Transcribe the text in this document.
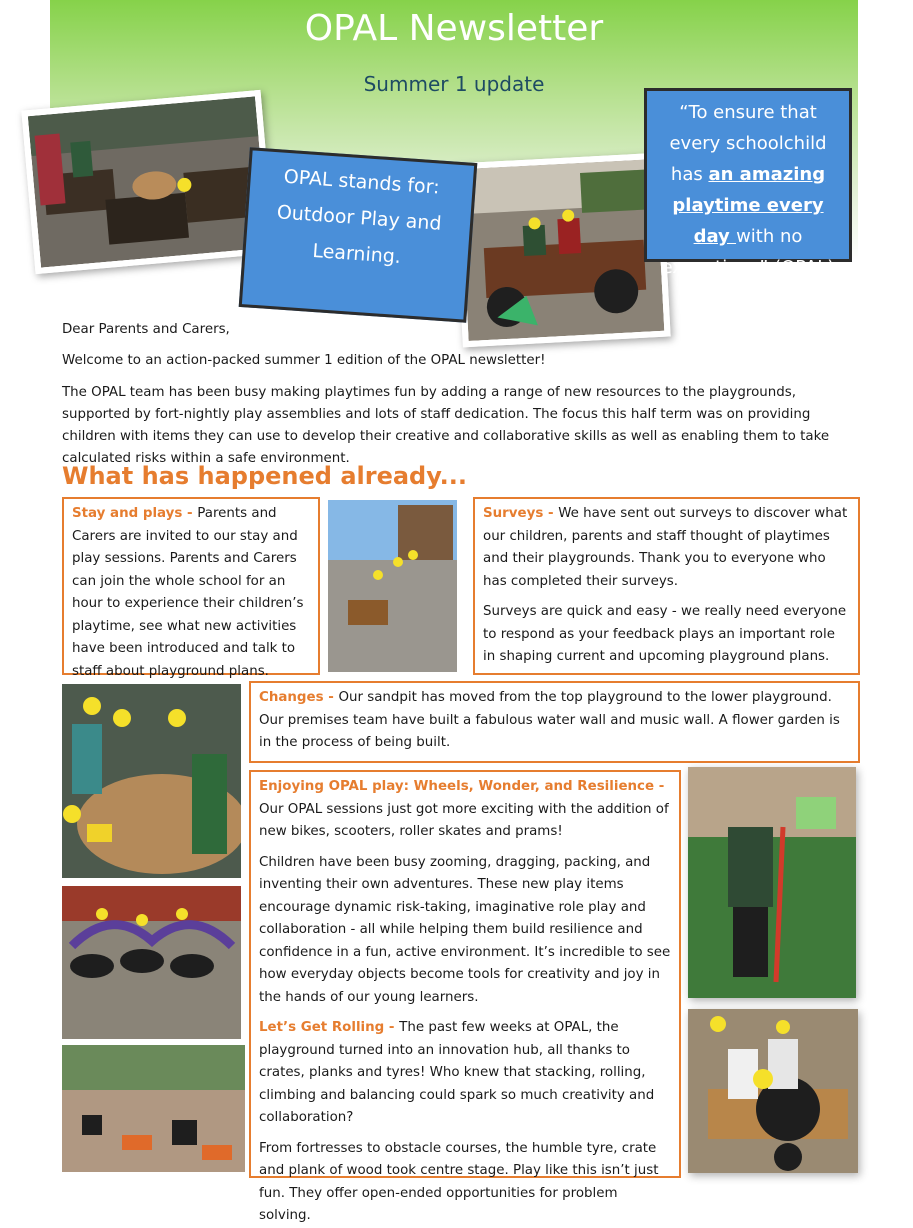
OPAL Newsletter
Summer 1 update
OPAL stands for:
Outdoor Play and
Learning.
“To ensure that every schoolchild has an amazing playtime every day with no exceptions” (OPAL)

Dear Parents and Carers,

Welcome to an action-packed summer 1 edition of the OPAL newsletter!

The OPAL team has been busy making playtimes fun by adding a range of new resources to the playgrounds, supported by fort-nightly play assemblies and lots of staff dedication. The focus this half term was on providing children with items they can use to develop their creative and collaborative skills as well as enabling them to take calculated risks within a safe environment.

What has happened already...
Stay and plays - Parents and Carers are invited to our stay and play sessions. Parents and Carers can join the whole school for an hour to experience their children’s playtime, see what new activities have been introduced and talk to staff about playground plans.

Surveys - We have sent out surveys to discover what our children, parents and staff thought of playtimes and their playgrounds. Thank you to everyone who has completed their surveys.

Surveys are quick and easy - we really need everyone to respond as your feedback plays an important role in shaping current and upcoming playground plans.

Changes - Our sandpit has moved from the top playground to the lower playground. Our premises team have built a fabulous water wall and music wall. A flower garden is in the process of being built.

Enjoying OPAL play: Wheels, Wonder, and Resilience - Our OPAL sessions just got more exciting with the addition of new bikes, scooters, roller skates and prams!

Children have been busy zooming, dragging, packing, and inventing their own adventures. These new play items encourage dynamic risk-taking, imaginative role play and collaboration - all while helping them build resilience and confidence in a fun, active environment. It’s incredible to see how everyday objects become tools for creativity and joy in the hands of our young learners.

Let’s Get Rolling - The past few weeks at OPAL, the playground turned into an innovation hub, all thanks to crates, planks and tyres! Who knew that stacking, rolling, climbing and balancing could spark so much creativity and collaboration?

From fortresses to obstacle courses, the humble tyre, crate and plank of wood took centre stage. Play like this isn’t just fun. They offer open-ended opportunities for problem solving.
